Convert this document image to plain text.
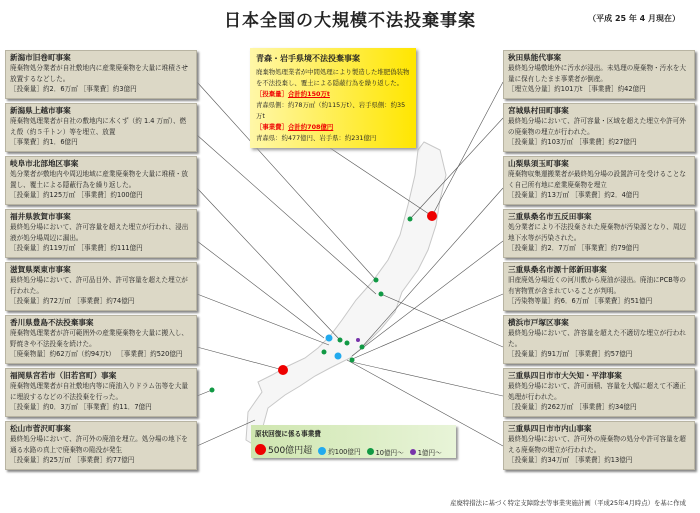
日本全国の大規模不法投棄事案	（平成 25 年 4 月現在）
新潟市旧巻町事案
廃棄物処分業者が自社敷地内に産業廃棄物を大量に堆積させ放置するなどした。
［投棄量］約2．6万㎥ ［事業費］約3億円
新潟県上越市事案
廃棄物処理業者が自社の敷地内に木くず（約 1.4 万㎥）、燃え殻（約５千トン）等を埋立、放置
［事業費］約1．6億円
岐阜市北部地区事案
処分業者が敷地内や周辺地域に産業廃棄物を大量に堆積・放置し、覆土による隠蔽行為を繰り返した。
［投棄量］約125万㎥ ［事業費］約100億円
福井県敦賀市事案
最終処分場において、許可容量を超えた埋立が行われ、浸出液が処分場周辺に漏出。
［投棄量］約119万㎥ ［事業費］約111億円
滋賀県栗東市事案
最終処分場において、許可品目外、許可容量を超えた埋立が行われた。
［投棄量］約72万㎥ ［事業費］約74億円
香川県豊島不法投棄事案
廃棄物処理業者が許可範囲外の産業廃棄物を大量に搬入し、野焼きや不法投棄を続けた。
［廃棄物量］約62万㎥（約94万t） ［事業費］約520億円
福岡県宮若市（旧若宮町）事案
廃棄物処理業者が自社敷地内等に廃油入りドラム缶等を大量に埋設するなどの不法投棄を行った。
［投棄量］約0．3万㎥ ［事業費］約11．7億円
松山市菅沢町事案
最終処分場において、許可外の廃油を埋立。処分場の地下を通る水路の真上で廃棄物の陥没が発生
［投棄量］約25万㎥ ［事業費］約77億円
秋田県能代事案
最終処分場敷地外に汚水が浸出。未処理の廃棄物・汚水を大量に保有したまま事業者が倒産。
［埋立処分量］約101万t ［事業費］約42億円
宮城県村田町事案
最終処分場において、許可容量・区域を超えた埋立や許可外の廃棄物の埋立が行われた。
［投棄量］約103万㎥ ［事業費］約27億円
山梨県須玉町事案
廃棄物収集運搬業者が最終処分場の設置許可を受けることなく自己所有地に産業廃棄物を埋立
［投棄量］約13万㎥ ［事業費］約2．4億円
三重県桑名市五反田事案
処分業者により不法投棄された廃棄物が汚染源となり、周辺地下水等が汚染された。
［投棄量］約2．7万㎥ ［事業費］約79億円
三重県桑名市源十郎新田事案
旧産廃処分場近くの河川敷から廃油が浸出。廃油にPCB等の有害物質が含まれていることが判明。
［汚染物等量］約6．6万㎥ ［事業費］約51億円
横浜市戸塚区事案
最終処分場において、許容量を超えた不適切な埋立が行われた。
［投棄量］約91万㎥ ［事業費］約57億円
三重県四日市市大矢知・平津事案
最終処分場において、許可面積、容量を大幅に超えて不適正処理が行われた。
［投棄量］約262万㎥ ［事業費］約34億円
三重県四日市市内山事案
最終処分場において、許可外の廃棄物の処分や許可容量を超える廃棄物の埋立が行われた。
［投棄量］約34万㎥ ［事業費］約13億円
青森・岩手県境不法投棄事案
廃棄物処理業者が中間処理により製造した堆肥偽装物を不法投棄し、覆土による隠蔽行為を繰り返した。
［投棄量］合計約150万t
青森県側：約78万㎥（約115万t）、岩手県側：約35万t
［事業費］合計約708億円
青森県：約477億円、岩手県：約231億円
原状回復に係る事業費
500億円超 約100億円 10億円～ 1億円～
産廃特措法に基づく特定支障除去等事業実施計画（平成25年4月時点）を基に作成
